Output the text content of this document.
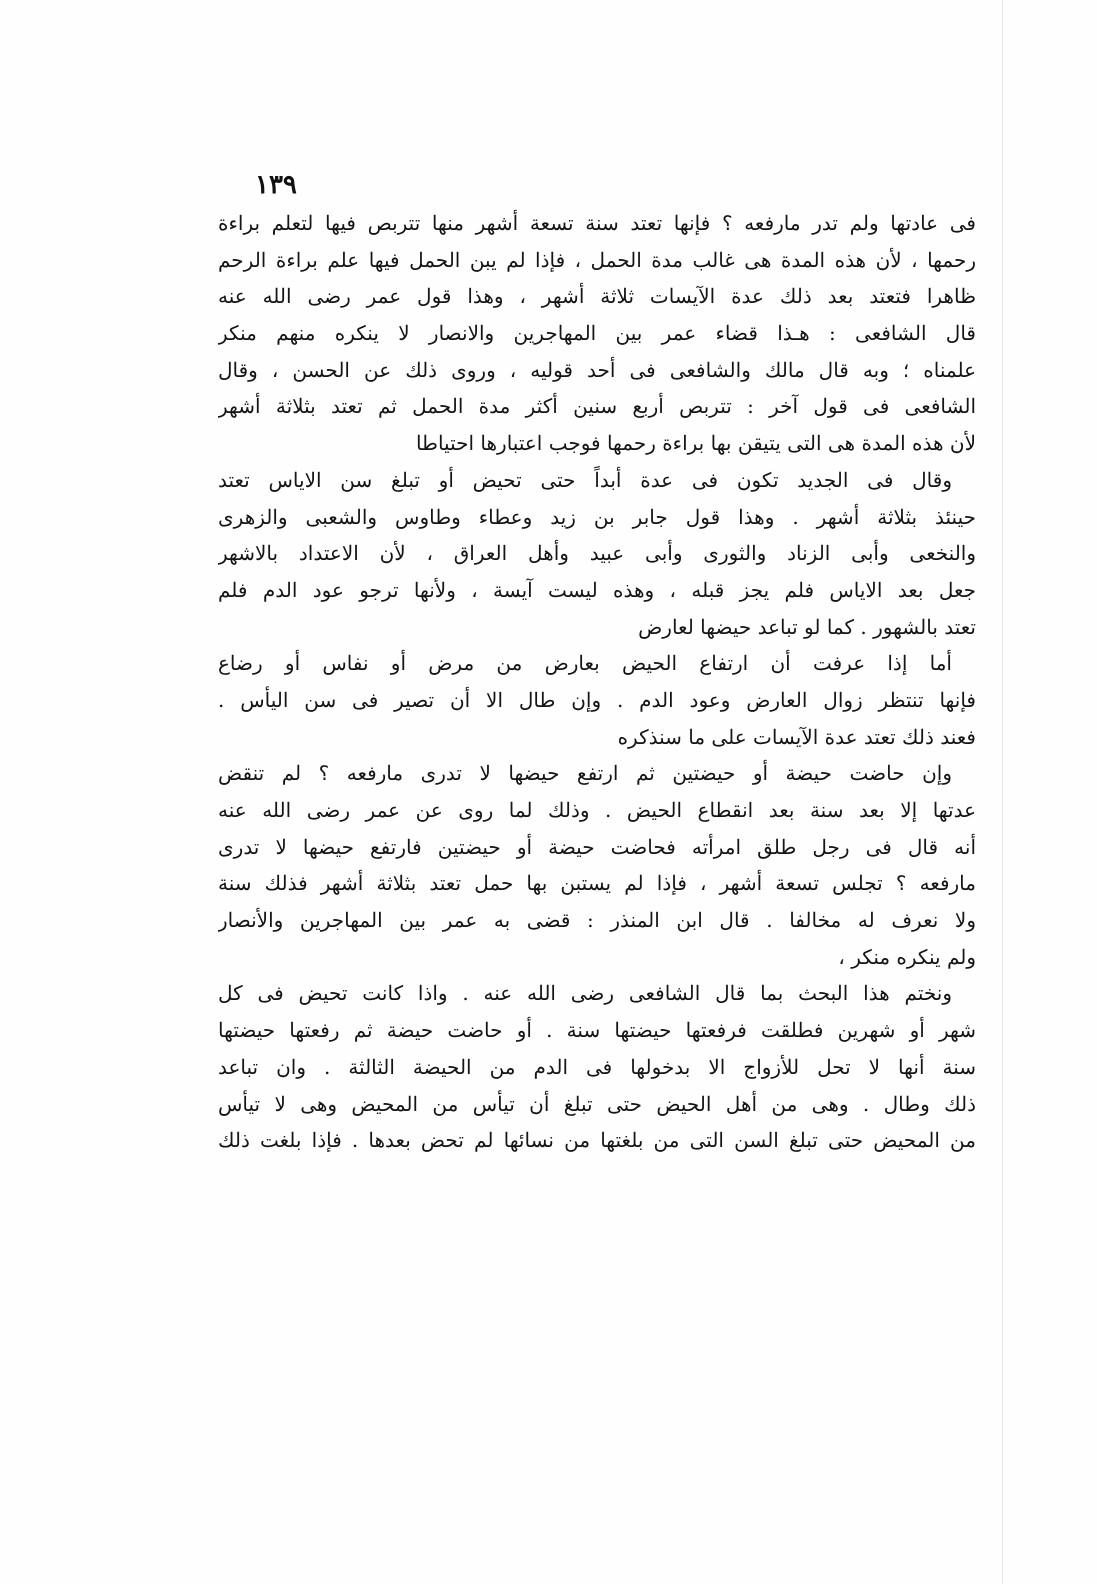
١٣٩
فى عادتها ولم تدر مارفعه ؟ فإنها تعتد سنة تسعة أشهر منها تتربص فيها لتعلم براءة
رحمها ، لأن هذه المدة هى غالب مدة الحمل ، فإذا لم يبن الحمل فيها علم براءة الرحم
ظاهرا فتعتد بعد ذلك عدة الآيسات ثلاثة أشهر ، وهذا قول عمر رضى الله عنه
قال الشافعى : هـذا قضاء عمر بين المهاجرين والانصار لا ينكره منهم منكر
علمناه ؛ وبه قال مالك والشافعى فى أحد قوليه ، وروى ذلك عن الحسن ، وقال
الشافعى فى قول آخر : تتربص أربع سنين أكثر مدة الحمل ثم تعتد بثلاثة أشهر
لأن هذه المدة هى التى يتيقن بها براءة رحمها فوجب اعتبارها احتياطا
وقال فى الجديد تكون فى عدة أبداً حتى تحيض أو تبلغ سن الاياس تعتد
حينئذ بثلاثة أشهر . وهذا قول جابر بن زيد وعطاء وطاوس والشعبى والزهرى
والنخعى وأبى الزناد والثورى وأبى عبيد وأهل العراق ، لأن الاعتداد بالاشهر
جعل بعد الاياس فلم يجز قبله ، وهذه ليست آيسة ، ولأنها ترجو عود الدم فلم
تعتد بالشهور . كما لو تباعد حيضها لعارض
أما إذا عرفت أن ارتفاع الحيض بعارض من مرض أو نفاس أو رضاع
فإنها تنتظر زوال العارض وعود الدم . وإن طال الا أن تصير فى سن اليأس .
فعند ذلك تعتد عدة الآيسات على ما سنذكره
وإن حاضت حيضة أو حيضتين ثم ارتفع حيضها لا تدرى مارفعه ؟ لم تنقض
عدتها إلا بعد سنة بعد انقطاع الحيض . وذلك لما روى عن عمر رضى الله عنه
أنه قال فى رجل طلق امرأته فحاضت حيضة أو حيضتين فارتفع حيضها لا تدرى
مارفعه ؟ تجلس تسعة أشهر ، فإذا لم يستبن بها حمل تعتد بثلاثة أشهر فذلك سنة
ولا نعرف له مخالفا . قال ابن المنذر : قضى به عمر بين المهاجرين والأنصار
ولم ينكره منكر ،
ونختم هذا البحث بما قال الشافعى رضى الله عنه . واذا كانت تحيض فى كل
شهر أو شهرين فطلقت فرفعتها حيضتها سنة . أو حاضت حيضة ثم رفعتها حيضتها
سنة أنها لا تحل للأزواج الا بدخولها فى الدم من الحيضة الثالثة . وان تباعد
ذلك وطال . وهى من أهل الحيض حتى تبلغ أن تيأس من المحيض وهى لا تيأس
من المحيض حتى تبلغ السن التى من بلغتها من نسائها لم تحض بعدها . فإذا بلغت ذلك
